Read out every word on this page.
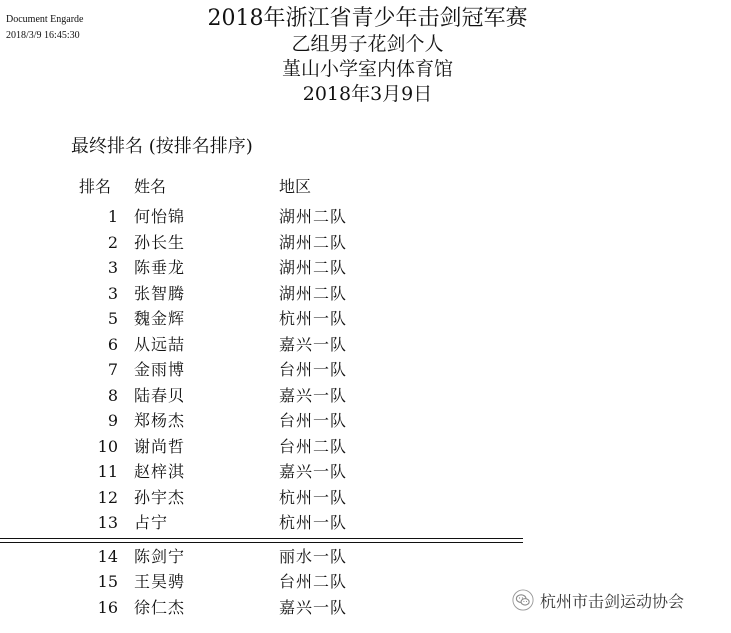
Document Engarde
2018/3/9 16:45:30
2018年浙江省青少年击剑冠军赛
乙组男子花剑个人
堇山小学室内体育馆
2018年3月9日
最终排名 (按排名排序)
排名 姓名	地区
1 何怡锦	湖州二队
2 孙长生	湖州二队
3 陈垂龙	湖州二队
3 张智腾	湖州二队
5 魏金辉	杭州一队
6 从远喆	嘉兴一队
7 金雨博	台州一队
8 陆春贝	嘉兴一队
9 郑杨杰	台州一队
10 谢尚哲	台州二队
11 赵梓淇	嘉兴一队
12 孙宇杰	杭州一队
13 占宁	杭州一队
14 陈剑宁	丽水一队
15 王昊骋	台州二队
16 徐仁杰	嘉兴一队	杭州市击剑运动协会
